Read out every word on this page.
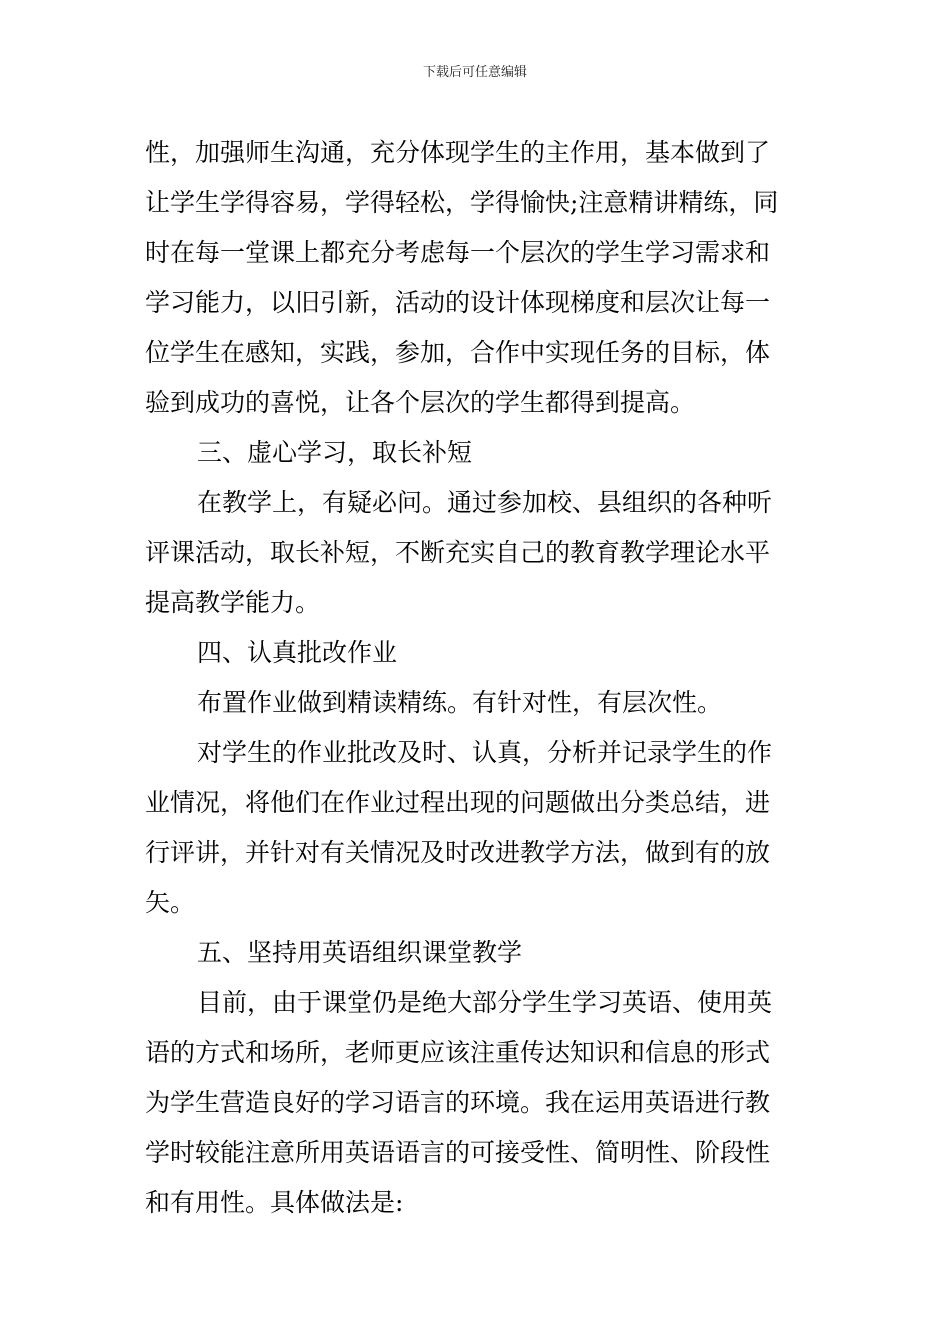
下载后可任意编辑
性，加强师生沟通，充分体现学生的主作用，基本做到了
让学生学得容易，学得轻松，学得愉快;注意精讲精练，同
时在每一堂课上都充分考虑每一个层次的学生学习需求和
学习能力，以旧引新，活动的设计体现梯度和层次让每一
位学生在感知，实践，参加，合作中实现任务的目标，体
验到成功的喜悦，让各个层次的学生都得到提高。
三、虚心学习，取长补短
在教学上，有疑必问。通过参加校、县组织的各种听
评课活动，取长补短，不断充实自己的教育教学理论水平
提高教学能力。
四、认真批改作业
布置作业做到精读精练。有针对性，有层次性。
对学生的作业批改及时、认真，分析并记录学生的作
业情况，将他们在作业过程出现的问题做出分类总结，进
行评讲，并针对有关情况及时改进教学方法，做到有的放
矢。
五、坚持用英语组织课堂教学
目前，由于课堂仍是绝大部分学生学习英语、使用英
语的方式和场所，老师更应该注重传达知识和信息的形式
为学生营造良好的学习语言的环境。我在运用英语进行教
学时较能注意所用英语语言的可接受性、简明性、阶段性
和有用性。具体做法是:
